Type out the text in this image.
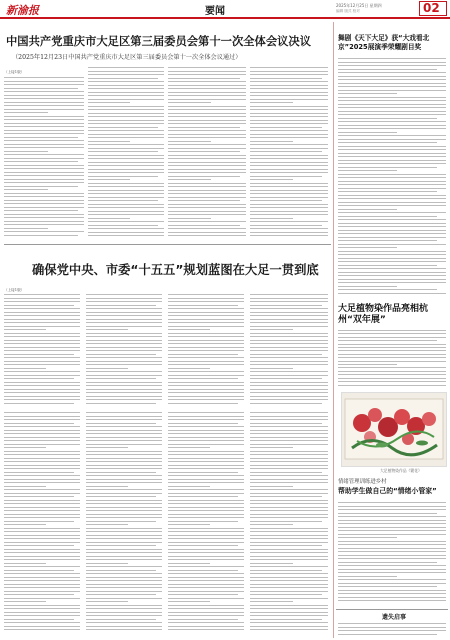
新渝报	要闻
2025年12月25日 星期四
编辑 版式 校对	02
中国共产党重庆市大足区第三届委员会第十一次全体会议决议
（2025年12月23日中国共产党重庆市大足区第三届委员会第十一次全体会议通过）
（上接1版）
确保党中央、市委“十五五”规划蓝图在大足一贯到底
（上接1版）
舞剧《天下大足》获“大戏看北京”2025展演季荣耀剧目奖
大足植物染作品亮相杭州“双年展”
大足植物染作品《繁花》
情绪管理训练进乡村
帮助学生做自己的“情绪小管家”
遗失启事
